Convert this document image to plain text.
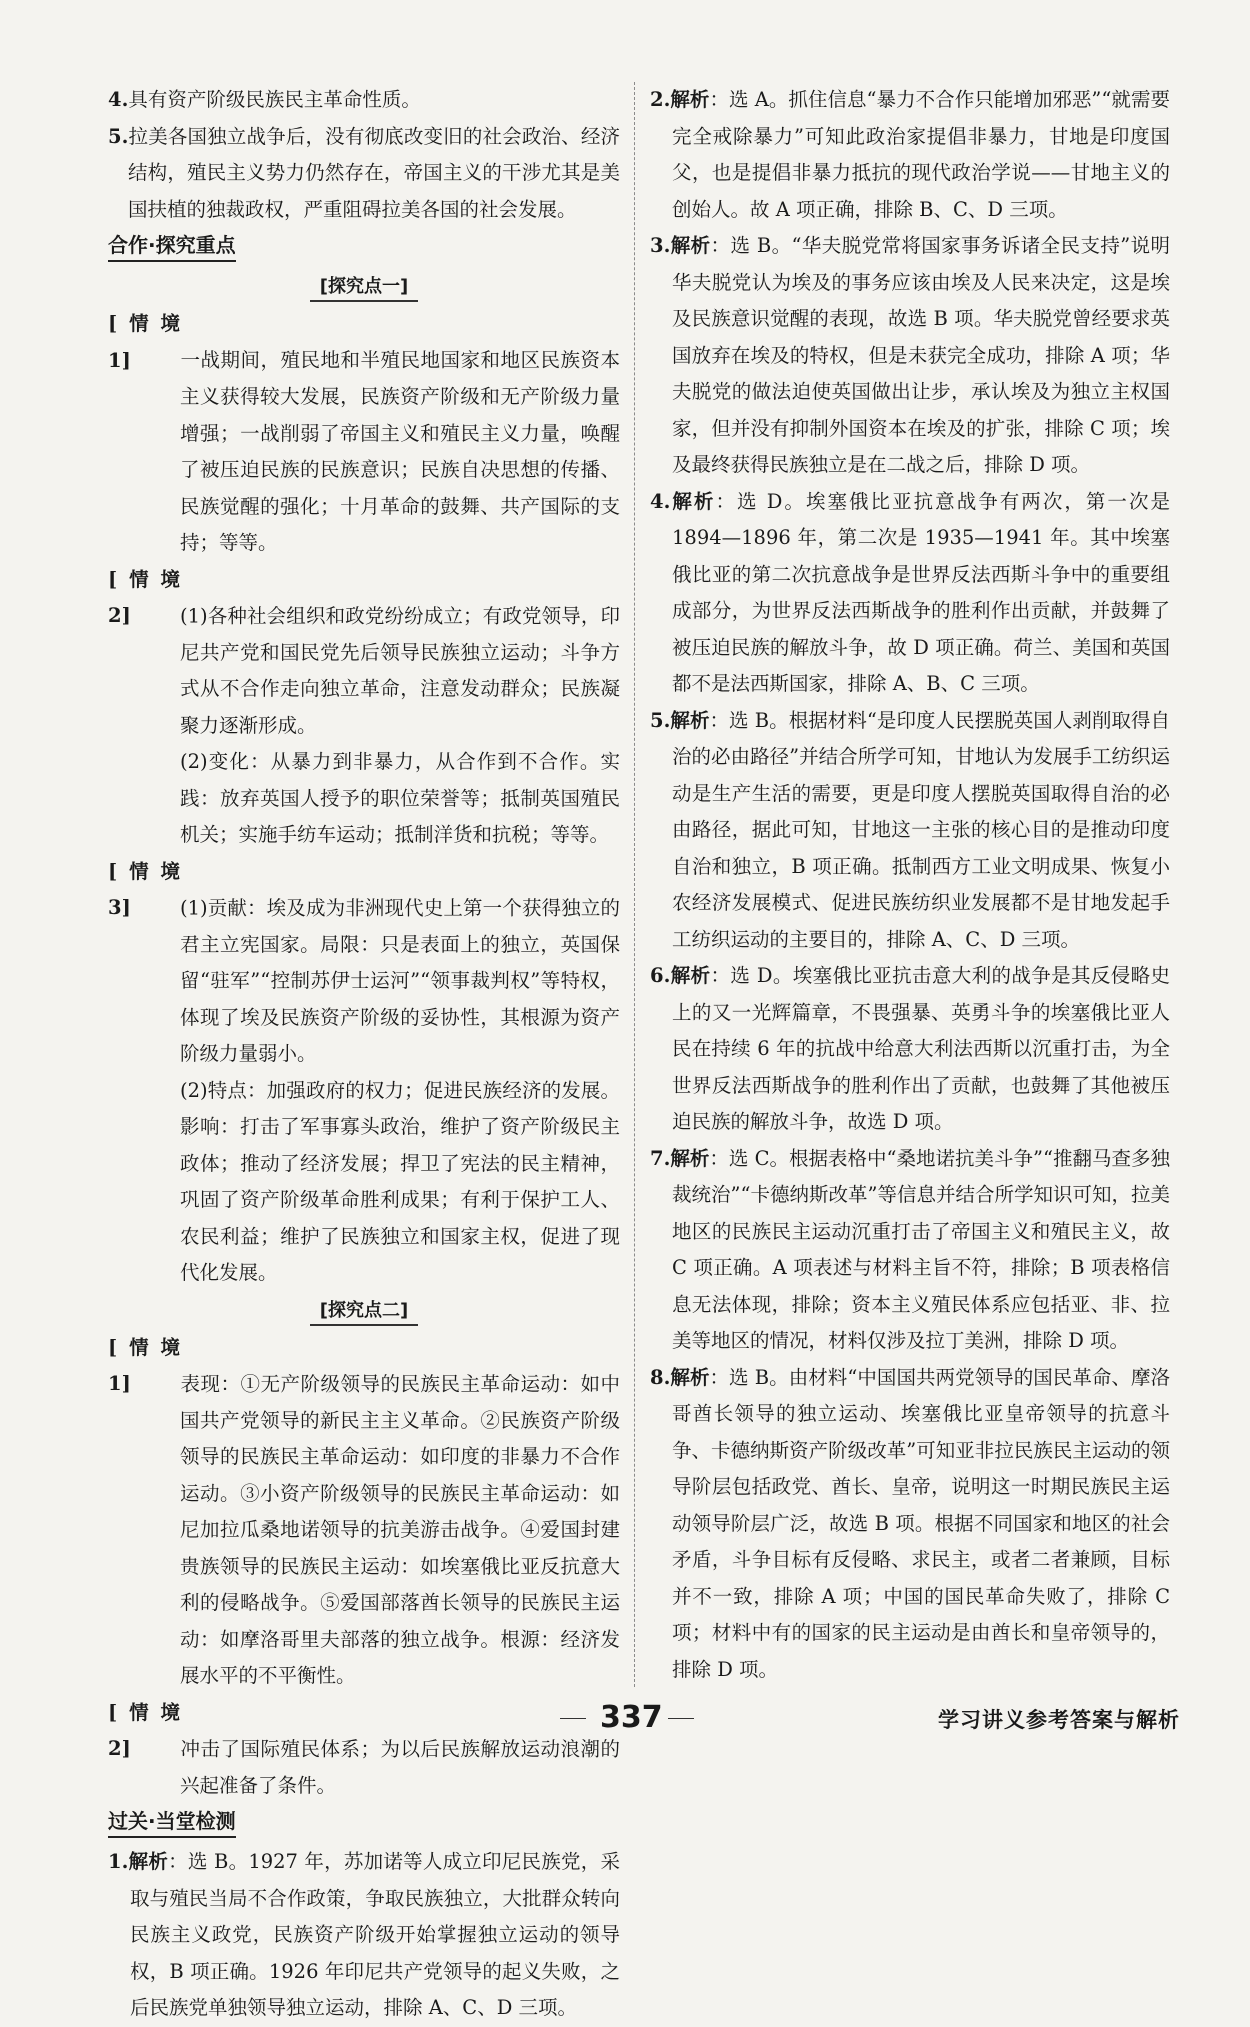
4.具有资产阶级民族民主革命性质。

5.拉美各国独立战争后，没有彻底改变旧的社会政治、经济结构，殖民主义势力仍然存在，帝国主义的干涉尤其是美国扶植的独裁政权，严重阻碍拉美各国的社会发展。

合作·探究重点
[探究点一]

[情境 1]	一战期间，殖民地和半殖民地国家和地区民族资本主义获得较大发展，民族资产阶级和无产阶级力量增强；一战削弱了帝国主义和殖民主义力量，唤醒了被压迫民族的民族意识；民族自决思想的传播、民族觉醒的强化；十月革命的鼓舞、共产国际的支持；等等。

[情境 2]	(1)各种社会组织和政党纷纷成立；有政党领导，印尼共产党和国民党先后领导民族独立运动；斗争方式从不合作走向独立革命，注意发动群众；民族凝聚力逐渐形成。

(2)变化：从暴力到非暴力，从合作到不合作。实践：放弃英国人授予的职位荣誉等；抵制英国殖民机关；实施手纺车运动；抵制洋货和抗税；等等。

[情境 3]	(1)贡献：埃及成为非洲现代史上第一个获得独立的君主立宪国家。局限：只是表面上的独立，英国保留“驻军”“控制苏伊士运河”“领事裁判权”等特权，体现了埃及民族资产阶级的妥协性，其根源为资产阶级力量弱小。

(2)特点：加强政府的权力；促进民族经济的发展。影响：打击了军事寡头政治，维护了资产阶级民主政体；推动了经济发展；捍卫了宪法的民主精神，巩固了资产阶级革命胜利成果；有利于保护工人、农民利益；维护了民族独立和国家主权，促进了现代化发展。

[探究点二]

[情境 1]	表现：①无产阶级领导的民族民主革命运动：如中国共产党领导的新民主主义革命。②民族资产阶级领导的民族民主革命运动：如印度的非暴力不合作运动。③小资产阶级领导的民族民主革命运动：如尼加拉瓜桑地诺领导的抗美游击战争。④爱国封建贵族领导的民族民主运动：如埃塞俄比亚反抗意大利的侵略战争。⑤爱国部落酋长领导的民族民主运动：如摩洛哥里夫部落的独立战争。根源：经济发展水平的不平衡性。

[情境 2]	冲击了国际殖民体系；为以后民族解放运动浪潮的兴起准备了条件。

过关·当堂检测

1.解析：选 B。1927 年，苏加诺等人成立印尼民族党，采取与殖民当局不合作政策，争取民族独立，大批群众转向民族主义政党，民族资产阶级开始掌握独立运动的领导权，B 项正确。1926 年印尼共产党领导的起义失败，之后民族党单独领导独立运动，排除 A、C、D 三项。

2.解析：选 A。抓住信息“暴力不合作只能增加邪恶”“就需要完全戒除暴力”可知此政治家提倡非暴力，甘地是印度国父，也是提倡非暴力抵抗的现代政治学说——甘地主义的创始人。故 A 项正确，排除 B、C、D 三项。

3.解析：选 B。“华夫脱党常将国家事务诉诸全民支持”说明华夫脱党认为埃及的事务应该由埃及人民来决定，这是埃及民族意识觉醒的表现，故选 B 项。华夫脱党曾经要求英国放弃在埃及的特权，但是未获完全成功，排除 A 项；华夫脱党的做法迫使英国做出让步，承认埃及为独立主权国家，但并没有抑制外国资本在埃及的扩张，排除 C 项；埃及最终获得民族独立是在二战之后，排除 D 项。

4.解析：选 D。埃塞俄比亚抗意战争有两次，第一次是 1894—1896 年，第二次是 1935—1941 年。其中埃塞俄比亚的第二次抗意战争是世界反法西斯斗争中的重要组成部分，为世界反法西斯战争的胜利作出贡献，并鼓舞了被压迫民族的解放斗争，故 D 项正确。荷兰、美国和英国都不是法西斯国家，排除 A、B、C 三项。

5.解析：选 B。根据材料“是印度人民摆脱英国人剥削取得自治的必由路径”并结合所学可知，甘地认为发展手工纺织运动是生产生活的需要，更是印度人摆脱英国取得自治的必由路径，据此可知，甘地这一主张的核心目的是推动印度自治和独立，B 项正确。抵制西方工业文明成果、恢复小农经济发展模式、促进民族纺织业发展都不是甘地发起手工纺织运动的主要目的，排除 A、C、D 三项。

6.解析：选 D。埃塞俄比亚抗击意大利的战争是其反侵略史上的又一光辉篇章，不畏强暴、英勇斗争的埃塞俄比亚人民在持续 6 年的抗战中给意大利法西斯以沉重打击，为全世界反法西斯战争的胜利作出了贡献，也鼓舞了其他被压迫民族的解放斗争，故选 D 项。

7.解析：选 C。根据表格中“桑地诺抗美斗争”“推翻马查多独裁统治”“卡德纳斯改革”等信息并结合所学知识可知，拉美地区的民族民主运动沉重打击了帝国主义和殖民主义，故 C 项正确。A 项表述与材料主旨不符，排除；B 项表格信息无法体现，排除；资本主义殖民体系应包括亚、非、拉美等地区的情况，材料仅涉及拉丁美洲，排除 D 项。

8.解析：选 B。由材料“中国国共两党领导的国民革命、摩洛哥酋长领导的独立运动、埃塞俄比亚皇帝领导的抗意斗争、卡德纳斯资产阶级改革”可知亚非拉民族民主运动的领导阶层包括政党、酋长、皇帝，说明这一时期民族民主运动领导阶层广泛，故选 B 项。根据不同国家和地区的社会矛盾，斗争目标有反侵略、求民主，或者二者兼顾，目标并不一致，排除 A 项；中国的国民革命失败了，排除 C 项；材料中有的国家的民主运动是由酋长和皇帝领导的，排除 D 项。

337	学习讲义参考答案与解析
